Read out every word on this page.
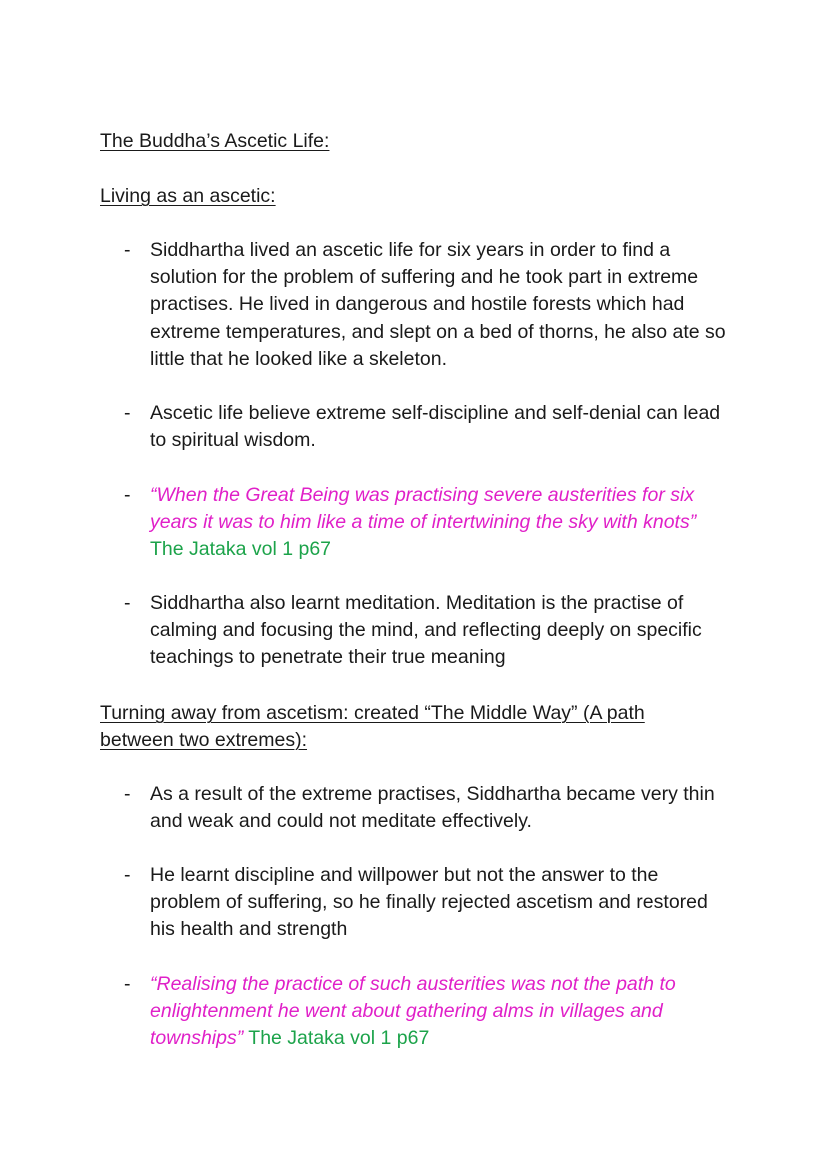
The Buddha’s Ascetic Life:
Living as an ascetic:
-	Siddhartha lived an ascetic life for six years in order to find a solution for the problem of suffering and he took part in extreme practises. He lived in dangerous and hostile forests which had extreme temperatures, and slept on a bed of thorns, he also ate so little that he looked like a skeleton.
-	Ascetic life believe extreme self-discipline and self-denial can lead to spiritual wisdom.
-	“When the Great Being was practising severe austerities for six years it was to him like a time of intertwining the sky with knots” The Jataka vol 1 p67
-	Siddhartha also learnt meditation. Meditation is the practise of calming and focusing the mind, and reflecting deeply on specific teachings to penetrate their true meaning
Turning away from ascetism: created “The Middle Way” (A path between two extremes):
-	As a result of the extreme practises, Siddhartha became very thin and weak and could not meditate effectively.
-	He learnt discipline and willpower but not the answer to the problem of suffering, so he finally rejected ascetism and restored his health and strength
-	“Realising the practice of such austerities was not the path to enlightenment he went about gathering alms in villages and townships” The Jataka vol 1 p67
